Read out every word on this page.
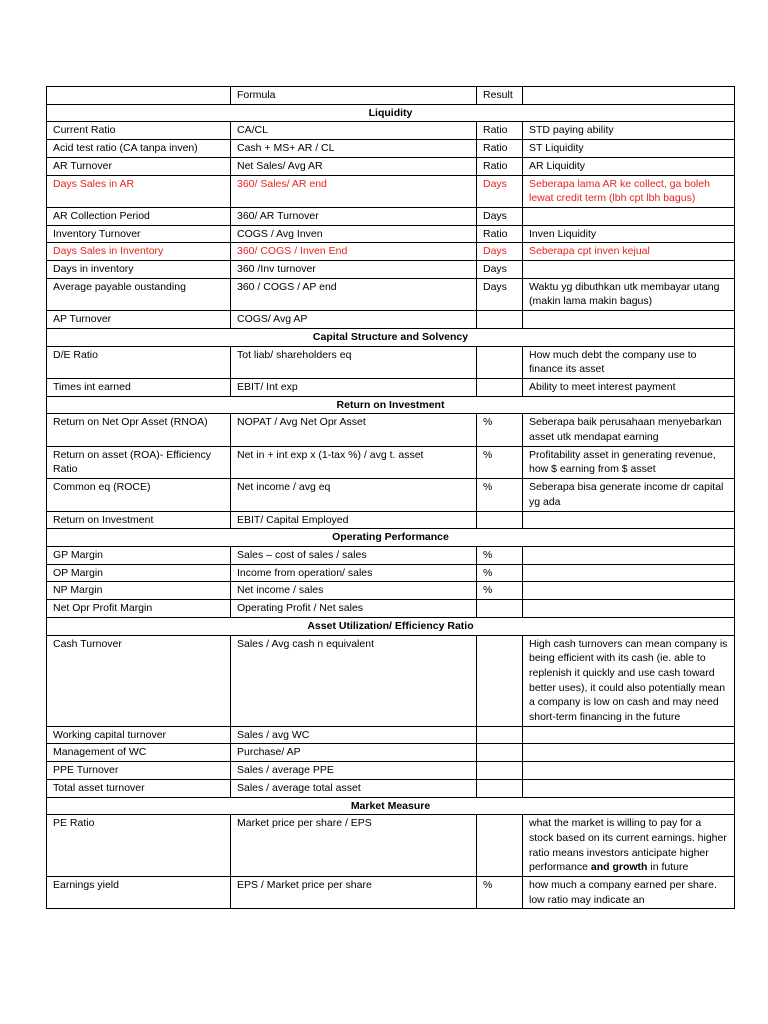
	Formula	Result	
Liquidity			
Current Ratio	CA/CL	Ratio	STD paying ability
Acid test ratio (CA tanpa inven)	Cash + MS+ AR / CL	Ratio	ST Liquidity
AR Turnover	Net Sales/ Avg AR	Ratio	AR Liquidity
Days Sales in AR	360/ Sales/ AR end	Days	Seberapa lama AR ke collect, ga boleh lewat credit term (lbh cpt lbh bagus)
AR Collection Period	360/ AR Turnover	Days	
Inventory Turnover	COGS / Avg Inven	Ratio	Inven Liquidity
Days Sales in Inventory	360/ COGS / Inven End	Days	Seberapa cpt inven kejual
Days in inventory	360 /Inv turnover	Days	
Average payable oustanding	360 / COGS / AP end	Days	Waktu yg dibuthkan utk membayar utang (makin lama makin bagus)
AP Turnover	COGS/ Avg AP		
Capital Structure and Solvency			
D/E Ratio	Tot liab/ shareholders eq		How much debt the company use to finance its asset
Times int earned	EBIT/ Int exp		Ability to meet interest payment
Return on Investment			
Return on Net Opr Asset (RNOA)	NOPAT / Avg Net Opr Asset	%	Seberapa baik perusahaan menyebarkan asset utk mendapat earning
Return on asset (ROA)- Efficiency Ratio	Net in + int exp x (1-tax %) / avg t. asset	%	Profitability asset in generating revenue, how $ earning from $ asset
Common eq (ROCE)	Net income / avg eq	%	Seberapa bisa generate income dr capital yg ada
Return on Investment	EBIT/ Capital Employed		
Operating Performance			
GP Margin	Sales – cost of sales / sales	%	
OP Margin	Income from operation/ sales	%	
NP Margin	Net income / sales	%	
Net Opr Profit Margin	Operating Profit / Net sales		
Asset Utilization/ Efficiency Ratio			
Cash Turnover	Sales / Avg cash n equivalent		High cash turnovers can mean company is being efficient with its cash (ie. able to replenish it quickly and use cash toward better uses), it could also potentially mean a company is low on cash and may need short-term financing in the future
Working capital turnover	Sales / avg WC		
Management of WC	Purchase/ AP		
PPE Turnover	Sales / average PPE		
Total asset turnover	Sales / average total asset		
Market Measure			
PE Ratio	Market price per share / EPS		what the market is willing to pay for a stock based on its current earnings. higher ratio means investors anticipate higher performance and growth in future
Earnings yield	EPS / Market price per share	%	how much a company earned per share. low ratio may indicate an
